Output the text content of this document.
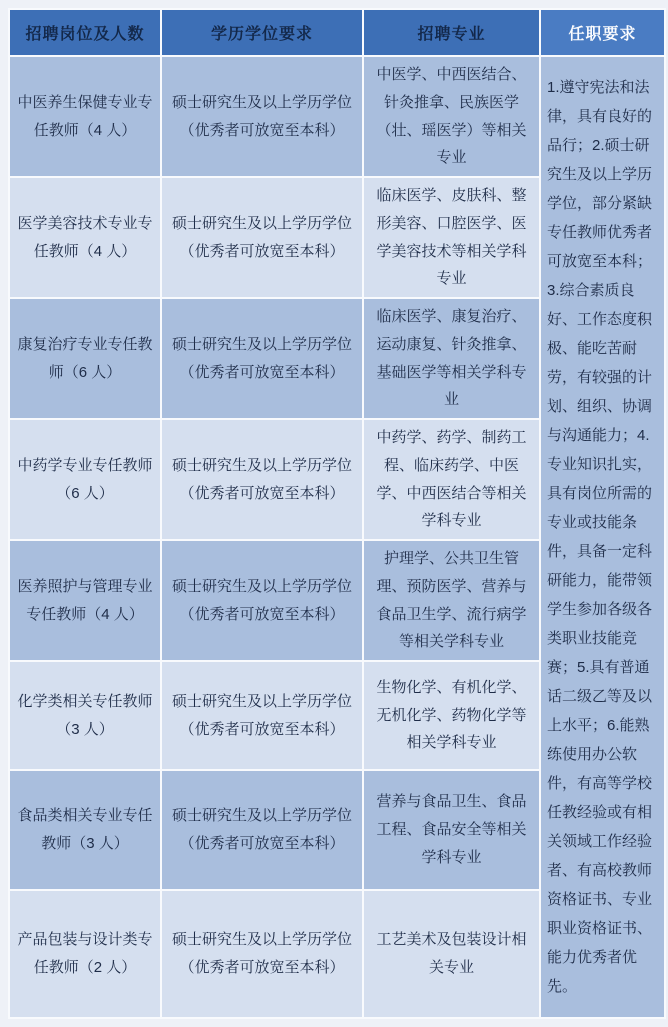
招聘岗位及人数	学历学位要求	招聘专业	任职要求
中医养生保健专业专任教师（4 人）	硕士研究生及以上学历学位（优秀者可放宽至本科）	中医学、中西医结合、针灸推拿、民族医学（壮、瑶医学）等相关专业	1.遵守宪法和法律，具有良好的品行；2.硕士研究生及以上学历学位，部分紧缺专任教师优秀者可放宽至本科；3.综合素质良好、工作态度积极、能吃苦耐劳，有较强的计划、组织、协调与沟通能力；4.专业知识扎实，具有岗位所需的专业或技能条件，具备一定科研能力，能带领学生参加各级各类职业技能竞赛；5.具有普通话二级乙等及以上水平；6.能熟练使用办公软件，有高等学校任教经验或有相关领域工作经验者、有高校教师资格证书、专业职业资格证书、能力优秀者优先。
医学美容技术专业专任教师（4 人）	硕士研究生及以上学历学位（优秀者可放宽至本科）	临床医学、皮肤科、整形美容、口腔医学、医学美容技术等相关学科专业	
康复治疗专业专任教师（6 人）	硕士研究生及以上学历学位（优秀者可放宽至本科）	临床医学、康复治疗、运动康复、针灸推拿、基础医学等相关学科专业	
中药学专业专任教师（6 人）	硕士研究生及以上学历学位（优秀者可放宽至本科）	中药学、药学、制药工程、临床药学、中医学、中西医结合等相关学科专业	
医养照护与管理专业专任教师（4 人）	硕士研究生及以上学历学位（优秀者可放宽至本科）	护理学、公共卫生管理、预防医学、营养与食品卫生学、流行病学等相关学科专业	
化学类相关专任教师（3 人）	硕士研究生及以上学历学位（优秀者可放宽至本科）	生物化学、有机化学、无机化学、药物化学等相关学科专业	
食品类相关专业专任教师（3 人）	硕士研究生及以上学历学位（优秀者可放宽至本科）	营养与食品卫生、食品工程、食品安全等相关学科专业	
产品包装与设计类专任教师（2 人）	硕士研究生及以上学历学位（优秀者可放宽至本科）	工艺美术及包装设计相关专业	
